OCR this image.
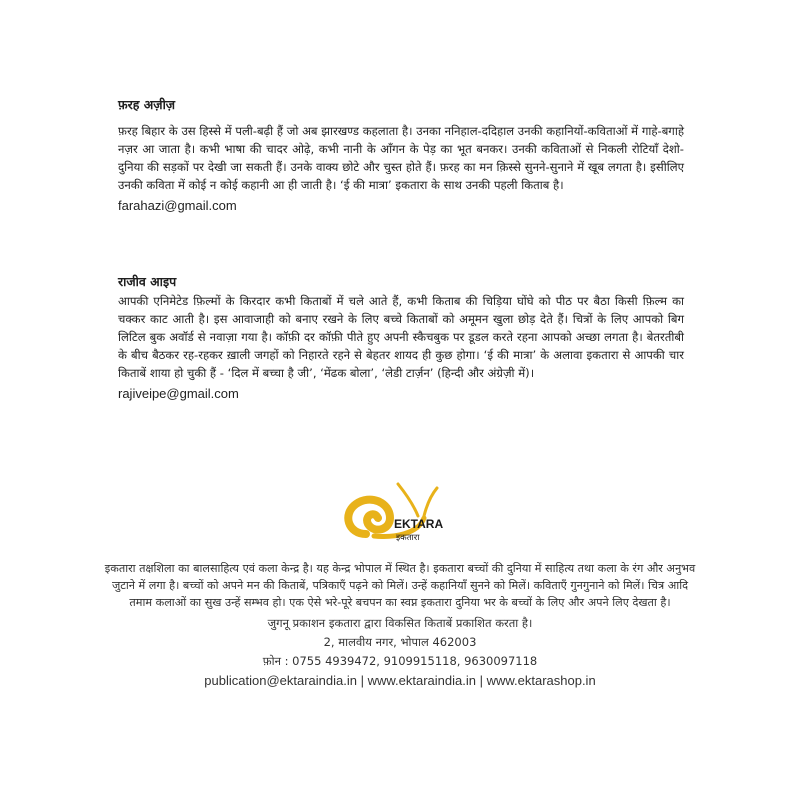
फ़रह अज़ीज़

फ़रह बिहार के उस हिस्से में पली-बढ़ी हैं जो अब झारखण्ड कहलाता है। उनका ननिहाल-ददिहाल उनकी कहानियों-कविताओं में गाहे-बगाहे नज़र आ जाता है। कभी भाषा की चादर ओढ़े, कभी नानी के आँगन के पेड़ का भूत बनकर। उनकी कविताओं से निकली रोटियाँ देशो-दुनिया की सड़कों पर देखी जा सकती हैं। उनके वाक्य छोटे और चुस्त होते हैं। फ़रह का मन क़िस्से सुनने-सुनाने में खूब लगता है। इसीलिए उनकी कविता में कोई न कोई कहानी आ ही जाती है। ‘ई की मात्रा’ इकतारा के साथ उनकी पहली किताब है।

farahazi@gmail.com

राजीव आइप

आपकी एनिमेटेड फ़िल्मों के किरदार कभी किताबों में चले आते हैं, कभी किताब की चिड़िया घोंघे को पीठ पर बैठा किसी फ़िल्म का चक्कर काट आती है। इस आवाजाही को बनाए रखने के लिए बच्चे किताबों को अमूमन खुला छोड़ देते हैं। चित्रों के लिए आपको बिग लिटिल बुक अवॉर्ड से नवाज़ा गया है। कॉफ़ी दर कॉफ़ी पीते हुए अपनी स्कैचबुक पर डूडल करते रहना आपको अच्छा लगता है। बेतरतीबी के बीच बैठकर रह-रहकर ख़ाली जगहों को निहारते रहने से बेहतर शायद ही कुछ होगा। ‘ई की मात्रा’ के अलावा इकतारा से आपकी चार किताबें शाया हो चुकी हैं - ‘दिल में बच्चा है जी’, ‘मेंढक बोला’, ‘लेडी टार्ज़न’ (हिन्दी और अंग्रेज़ी में)।

rajiveipe@gmail.com

EKTARA
इकतारा

इकतारा तक्षशिला का बालसाहित्य एवं कला केन्द्र है। यह केन्द्र भोपाल में स्थित है। इकतारा बच्चों की दुनिया में साहित्य तथा कला के रंग और अनुभव जुटाने में लगा है। बच्चों को अपने मन की किताबें, पत्रिकाएँ पढ़ने को मिलें। उन्हें कहानियाँ सुनने को मिलें। कविताएँ गुनगुनाने को मिलें। चित्र आदि तमाम कलाओं का सुख उन्हें सम्भव हो। एक ऐसे भरे-पूरे बचपन का स्वप्न इकतारा दुनिया भर के बच्चों के लिए और अपने लिए देखता है।

जुगनू प्रकाशन इकतारा द्वारा विकसित किताबें प्रकाशित करता है।

2, मालवीय नगर, भोपाल 462003

फ़ोन : 0755 4939472, 9109915118, 9630097118

publication@ektaraindia.in | www.ektaraindia.in | www.ektarashop.in
